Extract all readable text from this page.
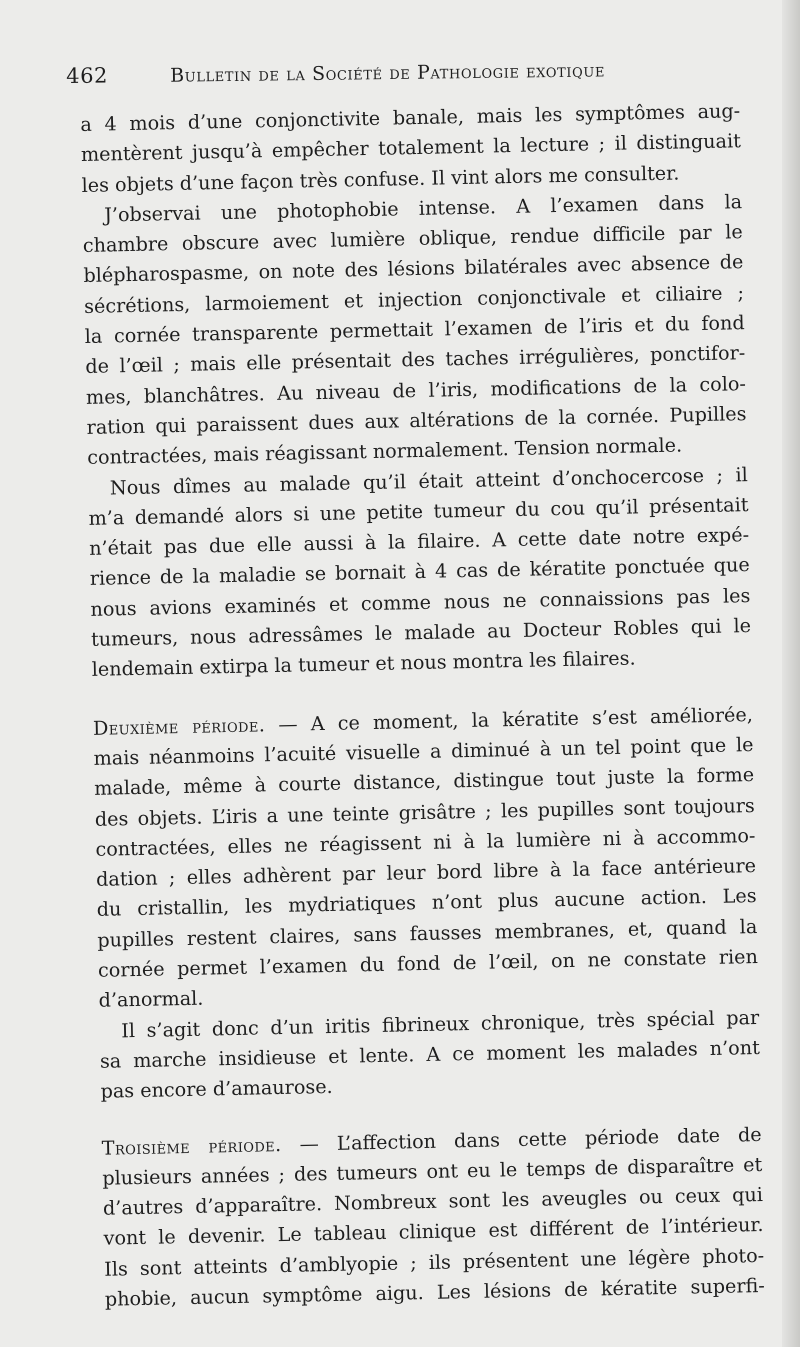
462	Bulletin de la Société de Pathologie exotique
a 4 mois d’une conjonctivite banale, mais les symptômes aug-
mentèrent jusqu’à empêcher totalement la lecture ; il distinguait
les objets d’une façon très confuse. Il vint alors me consulter.
J’observai une photophobie intense. A l’examen dans la
chambre obscure avec lumière oblique, rendue difficile par le
blépharospasme, on note des lésions bilatérales avec absence de
sécrétions, larmoiement et injection conjonctivale et ciliaire ;
la cornée transparente permettait l’examen de l’iris et du fond
de l’œil ; mais elle présentait des taches irrégulières, ponctifor-
mes, blanchâtres. Au niveau de l’iris, modifications de la colo-
ration qui paraissent dues aux altérations de la cornée. Pupilles
contractées, mais réagissant normalement. Tension normale.
Nous dîmes au malade qu’il était atteint d’onchocercose ; il
m’a demandé alors si une petite tumeur du cou qu’il présentait
n’était pas due elle aussi à la filaire. A cette date notre expé-
rience de la maladie se bornait à 4 cas de kératite ponctuée que
nous avions examinés et comme nous ne connaissions pas les
tumeurs, nous adressâmes le malade au Docteur Robles qui le
lendemain extirpa la tumeur et nous montra les filaires.
Deuxième période. — A ce moment, la kératite s’est améliorée,
mais néanmoins l’acuité visuelle a diminué à un tel point que le
malade, même à courte distance, distingue tout juste la forme
des objets. L’iris a une teinte grisâtre ; les pupilles sont toujours
contractées, elles ne réagissent ni à la lumière ni à accommo-
dation ; elles adhèrent par leur bord libre à la face antérieure
du cristallin, les mydriatiques n’ont plus aucune action. Les
pupilles restent claires, sans fausses membranes, et, quand la
cornée permet l’examen du fond de l’œil, on ne constate rien
d’anormal.
Il s’agit donc d’un iritis fibrineux chronique, très spécial par
sa marche insidieuse et lente. A ce moment les malades n’ont
pas encore d’amaurose.
Troisième période. — L’affection dans cette période date de
plusieurs années ; des tumeurs ont eu le temps de disparaître et
d’autres d’apparaître. Nombreux sont les aveugles ou ceux qui
vont le devenir. Le tableau clinique est différent de l’intérieur.
Ils sont atteints d’amblyopie ; ils présentent une légère photo-
phobie, aucun symptôme aigu. Les lésions de kératite superfi-
